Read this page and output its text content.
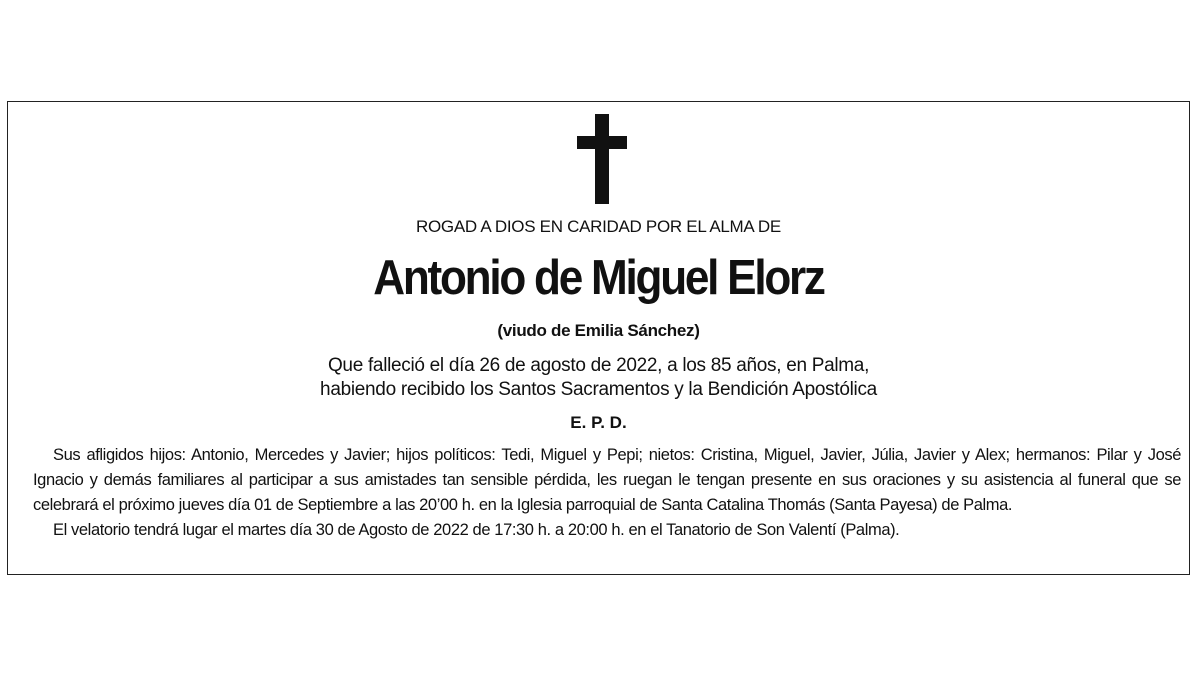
ROGAD A DIOS EN CARIDAD POR EL ALMA DE
Antonio de Miguel Elorz
(viudo de Emilia Sánchez)
Que falleció el día 26 de agosto de 2022, a los 85 años, en Palma,
habiendo recibido los Santos Sacramentos y la Bendición Apostólica
E. P. D.

Sus afligidos hijos: Antonio, Mercedes y Javier; hijos políticos: Tedi, Miguel y Pepi; nietos: Cristina, Miguel, Javier, Júlia, Javier y Alex; hermanos: Pilar y José Ignacio y demás familiares al participar a sus amistades tan sensible pérdida, les ruegan le tengan presente en sus oraciones y su asistencia al funeral que se celebrará el próximo jueves día 01 de Septiembre a las 20’00 h. en la Iglesia parroquial de Santa Catalina Thomás (Santa Payesa) de Palma.

El velatorio tendrá lugar el martes día 30 de Agosto de 2022 de 17:30 h. a 20:00 h. en el Tanatorio de Son Valentí (Palma).
